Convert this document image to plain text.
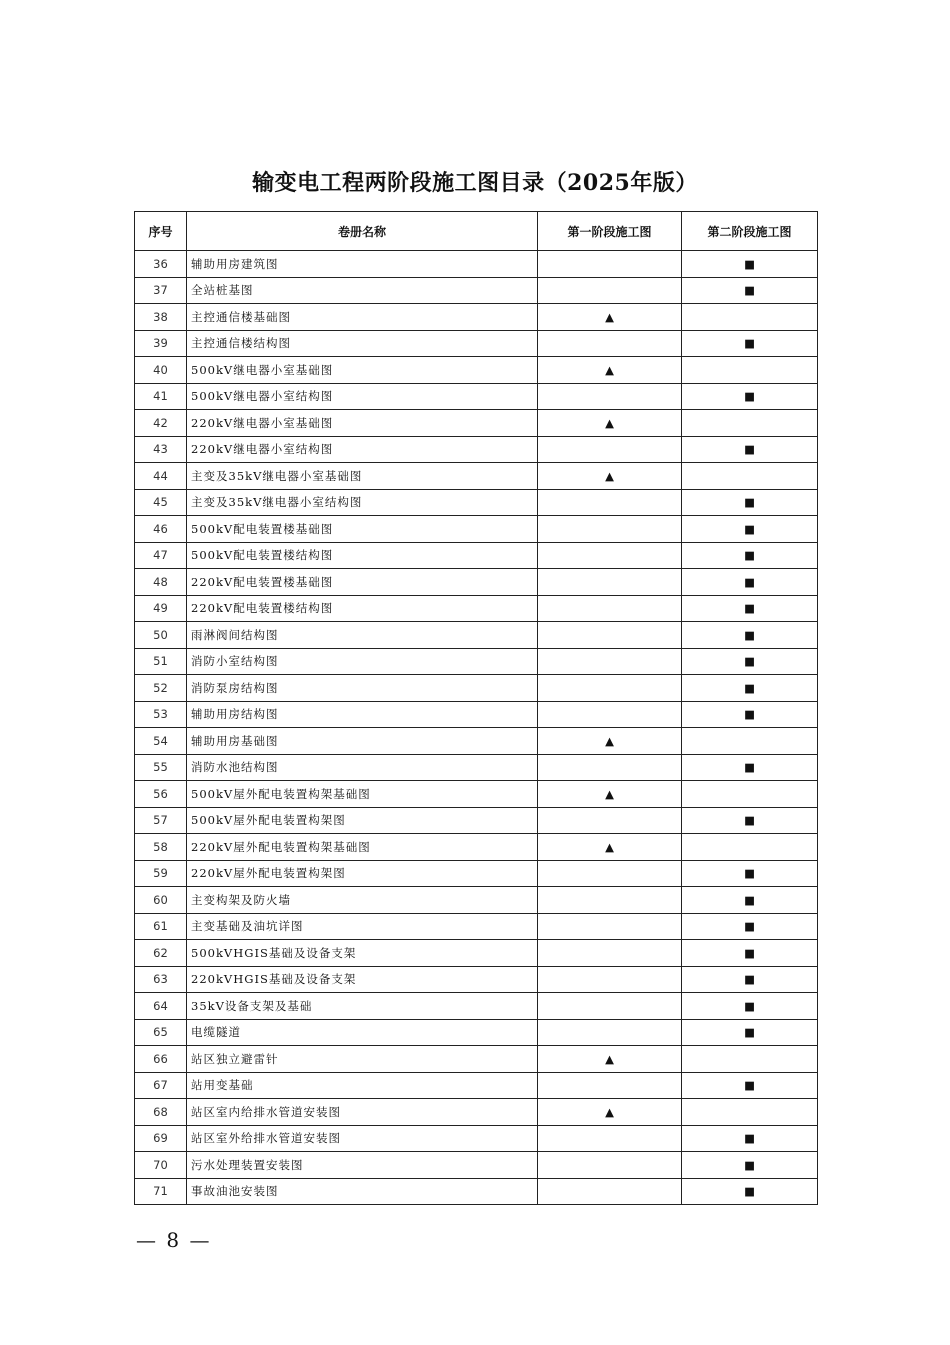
输变电工程两阶段施工图目录（2025年版）
序号	卷册名称	第一阶段施工图	第二阶段施工图
36	辅助用房建筑图		■
37	全站桩基图		■
38	主控通信楼基础图	▲	
39	主控通信楼结构图		■
40	500kV继电器小室基础图	▲	
41	500kV继电器小室结构图		■
42	220kV继电器小室基础图	▲	
43	220kV继电器小室结构图		■
44	主变及35kV继电器小室基础图	▲	
45	主变及35kV继电器小室结构图		■
46	500kV配电装置楼基础图		■
47	500kV配电装置楼结构图		■
48	220kV配电装置楼基础图		■
49	220kV配电装置楼结构图		■
50	雨淋阀间结构图		■
51	消防小室结构图		■
52	消防泵房结构图		■
53	辅助用房结构图		■
54	辅助用房基础图	▲	
55	消防水池结构图		■
56	500kV屋外配电装置构架基础图	▲	
57	500kV屋外配电装置构架图		■
58	220kV屋外配电装置构架基础图	▲	
59	220kV屋外配电装置构架图		■
60	主变构架及防火墙		■
61	主变基础及油坑详图		■
62	500kVHGIS基础及设备支架		■
63	220kVHGIS基础及设备支架		■
64	35kV设备支架及基础		■
65	电缆隧道		■
66	站区独立避雷针	▲	
67	站用变基础		■
68	站区室内给排水管道安装图	▲	
69	站区室外给排水管道安装图		■
70	污水处理装置安装图		■
71	事故油池安装图		■
— 8 —
